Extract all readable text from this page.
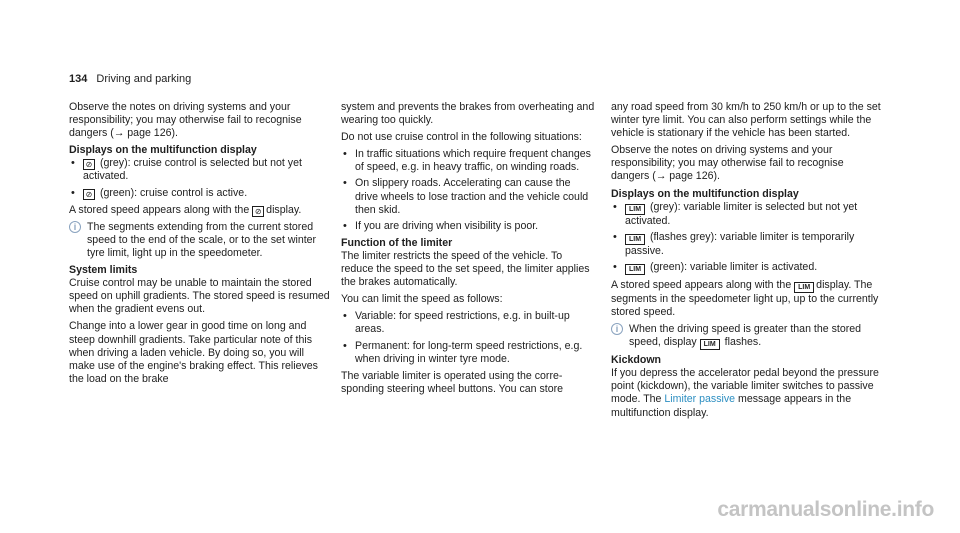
134 Driving and parking

Observe the notes on driving systems and your responsibility; you may otherwise fail to recognise dangers (→ page 126).

Displays on the multifunction display
⊘ • (grey): cruise control is selected but not yet activated.
⊘ • (green): cruise control is active.

A stored speed appears along with the ⊘ display.

i
The segments extending from the current stored speed to the end of the scale, or to the set winter tyre limit, light up in the speedometer.
System limits

Cruise control may be unable to maintain the stored speed on uphill gradients. The stored speed is resumed when the gradient evens out.

Change into a lower gear in good time on long and steep downhill gradients. Take particular note of this when driving a laden vehicle. By doing so, you will make use of the engine's braking effect. This relieves the load on the brake

system and prevents the brakes from overheating and wearing too quickly.

Do not use cruise control in the following situations:

• In traffic situations which require frequent changes of speed, e.g. in heavy traffic, on winding roads.
• On slippery roads. Accelerating can cause the drive wheels to lose traction and the vehicle could then skid.
• If you are driving when visibility is poor.
Function of the limiter

The limiter restricts the speed of the vehicle. To reduce the speed to the set speed, the limiter applies the brakes automatically.

You can limit the speed as follows:

• Variable: for speed restrictions, e.g. in built-up areas.
• Permanent: for long-term speed restrictions, e.g. when driving in winter tyre mode.

The variable limiter is operated using the corresponding steering wheel buttons. You can store

any road speed from 30 km/h to 250 km/h or up to the set winter tyre limit. You can also perform settings while the vehicle is stationary if the vehicle has been started.

Observe the notes on driving systems and your responsibility; you may otherwise fail to recognise dangers (→ page 126).

Displays on the multifunction display
• LIM (grey): variable limiter is selected but not yet activated.
• LIM (flashes grey): variable limiter is temporarily passive.
• LIM (green): variable limiter is activated.

A stored speed appears along with the LIM display. The segments in the speedometer light up, up to the currently stored speed.

i
When the driving speed is greater than the stored speed, display LIM flashes.
Kickdown

If you depress the accelerator pedal beyond the pressure point (kickdown), the variable limiter switches to passive mode. The Limiter passive message appears in the multifunction display.

carmanualsonline.info
